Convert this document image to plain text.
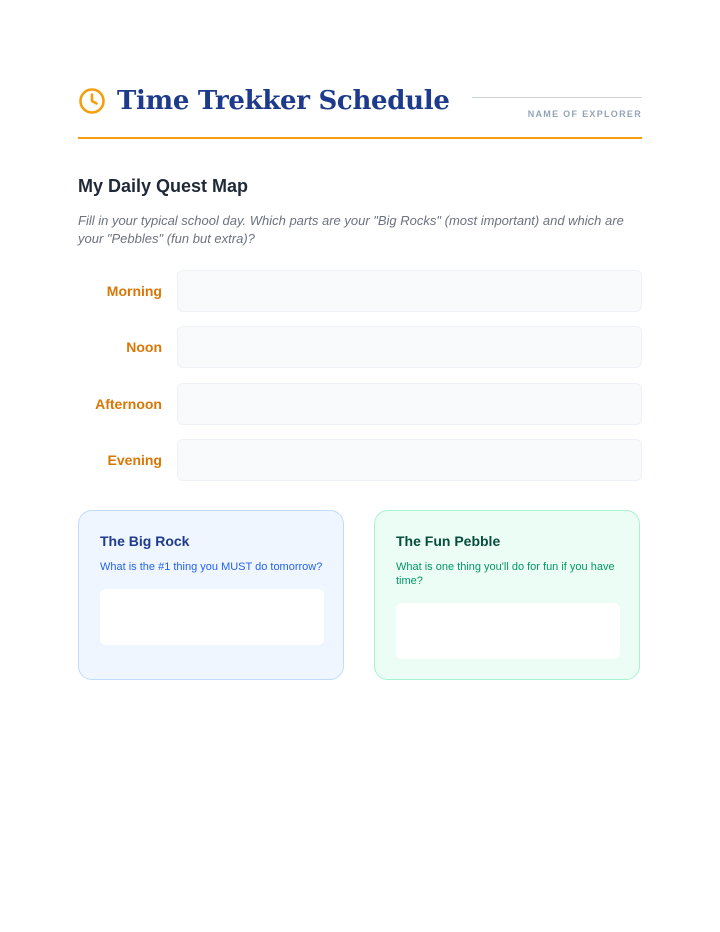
Time Trekker Schedule	NAME OF EXPLORER
My Daily Quest Map
Fill in your typical school day. Which parts are your "Big Rocks" (most important) and which are your "Pebbles" (fun but extra)?
Morning
Noon
Afternoon
Evening
The Big Rock
What is the #1 thing you MUST do tomorrow?
The Fun Pebble
What is one thing you'll do for fun if you have time?
